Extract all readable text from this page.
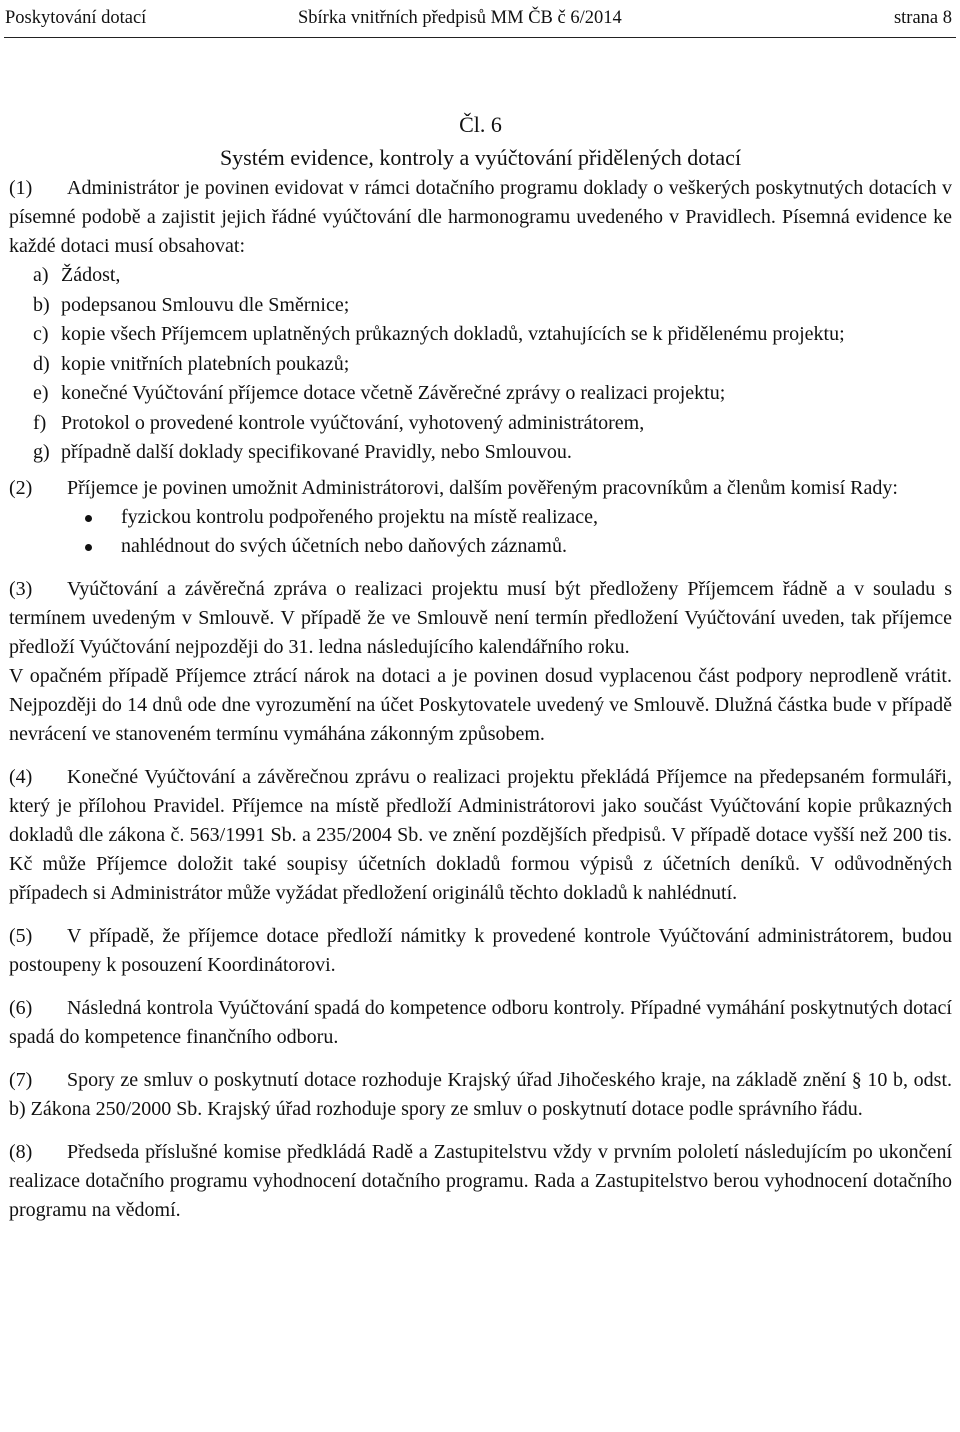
Poskytování dotací	Sbírka vnitřních předpisů MM ČB č 6/2014	strana 8

Čl. 6

Systém evidence, kontroly a vyúčtování přidělených dotací

(1) Administrátor je povinen evidovat v rámci dotačního programu doklady o veškerých poskytnutých dotacích v písemné podobě a zajistit jejich řádné vyúčtování dle harmonogramu uvedeného v Pravidlech. Písemná evidence ke každé dotaci musí obsahovat:

a) Žádost,
b) podepsanou Smlouvu dle Směrnice;
c) kopie všech Příjemcem uplatněných průkazných dokladů, vztahujících se k přidělenému projektu;
d) kopie vnitřních platebních poukazů;
e) konečné Vyúčtování příjemce dotace včetně Závěrečné zprávy o realizaci projektu;
f) Protokol o provedené kontrole vyúčtování, vyhotovený administrátorem,
g) případně další doklady specifikované Pravidly, nebo Smlouvou.

(2) Příjemce je povinen umožnit Administrátorovi, dalším pověřeným pracovníkům a členům komisí Rady:

fyzickou kontrolu podpořeného projektu na místě realizace,
nahlédnout do svých účetních nebo daňových záznamů.

(3) Vyúčtování a závěrečná zpráva o realizaci projektu musí být předloženy Příjemcem řádně a v souladu s termínem uvedeným v Smlouvě. V případě že ve Smlouvě není termín předložení Vyúčtování uveden, tak příjemce předloží Vyúčtování nejpozději do 31. ledna následujícího kalendářního roku.

V opačném případě Příjemce ztrácí nárok na dotaci a je povinen dosud vyplacenou část podpory neprodleně vrátit. Nejpozději do 14 dnů ode dne vyrozumění na účet Poskytovatele uvedený ve Smlouvě. Dlužná částka bude v případě nevrácení ve stanoveném termínu vymáhána zákonným způsobem.

(4) Konečné Vyúčtování a závěrečnou zprávu o realizaci projektu překládá Příjemce na předepsaném formuláři, který je přílohou Pravidel. Příjemce na místě předloží Administrátorovi jako součást Vyúčtování kopie průkazných dokladů dle zákona č. 563/1991 Sb. a 235/2004 Sb. ve znění pozdějších předpisů. V případě dotace vyšší než 200 tis. Kč může Příjemce doložit také soupisy účetních dokladů formou výpisů z účetních deníků. V odůvodněných případech si Administrátor může vyžádat předložení originálů těchto dokladů k nahlédnutí.

(5) V případě, že příjemce dotace předloží námitky k provedené kontrole Vyúčtování administrátorem, budou postoupeny k posouzení Koordinátorovi.

(6) Následná kontrola Vyúčtování spadá do kompetence odboru kontroly. Případné vymáhání poskytnutých dotací spadá do kompetence finančního odboru.

(7) Spory ze smluv o poskytnutí dotace rozhoduje Krajský úřad Jihočeského kraje, na základě znění § 10 b, odst. b) Zákona 250/2000 Sb. Krajský úřad rozhoduje spory ze smluv o poskytnutí dotace podle správního řádu.

(8) Předseda příslušné komise předkládá Radě a Zastupitelstvu vždy v prvním pololetí následujícím po ukončení realizace dotačního programu vyhodnocení dotačního programu. Rada a Zastupitelstvo berou vyhodnocení dotačního programu na vědomí.
